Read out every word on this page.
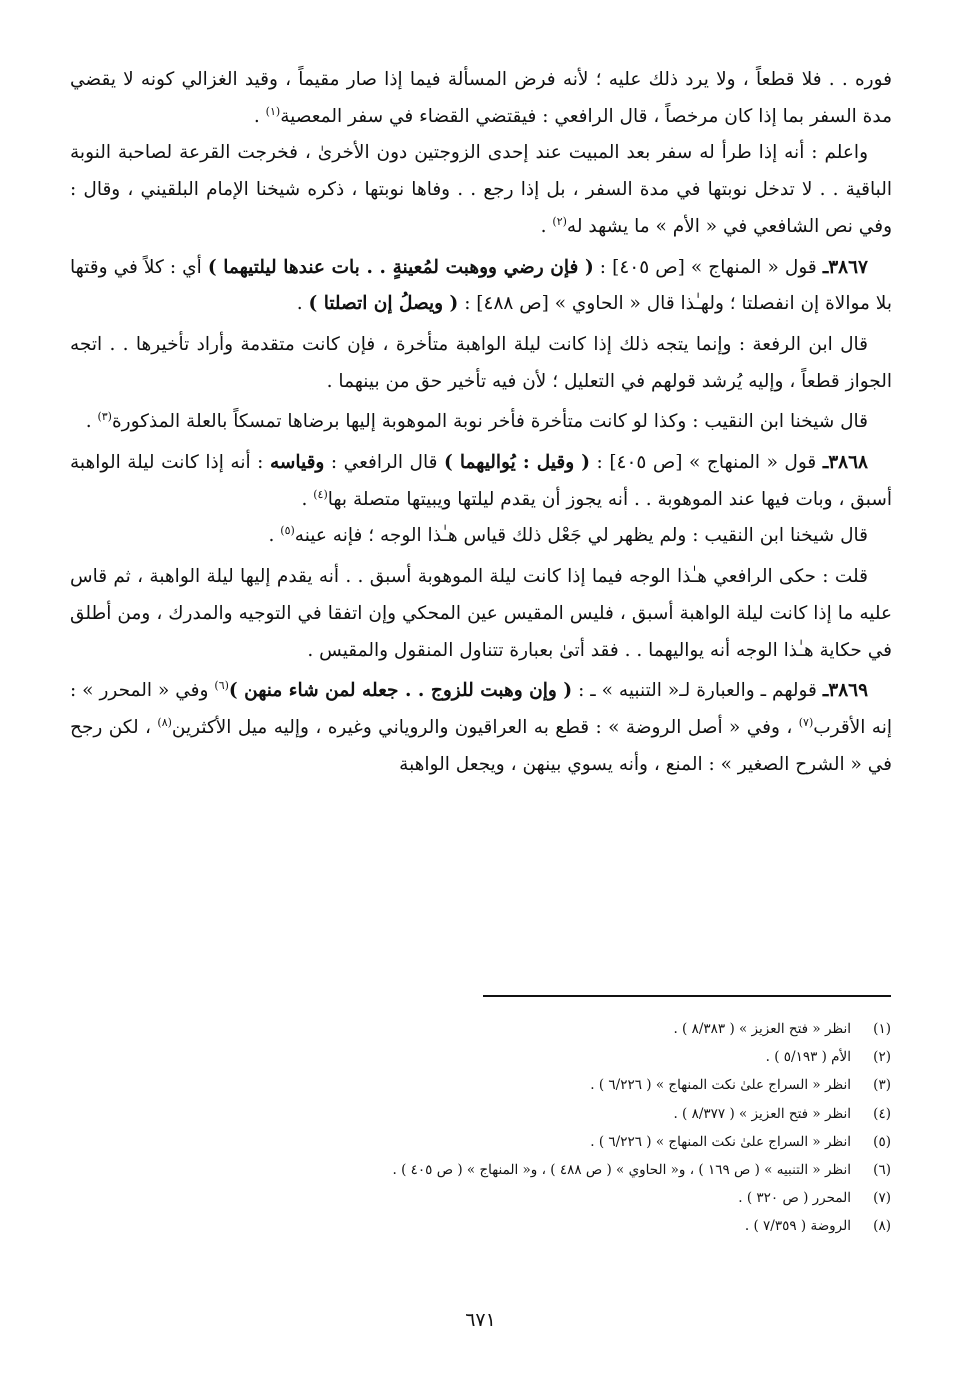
فوره . . فلا قطعاً ، ولا يرد ذلك عليه ؛ لأنه فرض المسألة فيما إذا صار مقيماً ، وقيد الغزالي كونه لا يقضي مدة السفر بما إذا كان مرخصاً ، قال الرافعي : فيقتضي القضاء في سفر المعصية$^{(١)}$ .

واعلم : أنه إذا طرأ له سفر بعد المبيت عند إحدى الزوجتين دون الأخرىٰ ، فخرجت القرعة لصاحبة النوبة الباقية . . لا تدخل نوبتها في مدة السفر ، بل إذا رجع . . وفاها نوبتها ، ذكره شيخنا الإمام البلقيني ، وقال : وفي نص الشافعي في « الأم » ما يشهد له$^{(٢)}$ .

٣٨٦٧ـ قول « المنهاج » [ص ٤٠٥] : ( فإن رضي ووهبت لمُعينةٍ . . بات عندها ليلتيهما ) أي : كلاً في وقتها بلا موالاة إن انفصلتا ؛ ولهـٰذا قال « الحاوي » [ص ٤٨٨] : ( ويصلُ إن اتصلتا ) .

قال ابن الرفعة : وإنما يتجه ذلك إذا كانت ليلة الواهبة متأخرة ، فإن كانت متقدمة وأراد تأخيرها . . اتجه الجواز قطعاً ، وإليه يُرشد قولهم في التعليل ؛ لأن فيه تأخير حق من بينهما .

قال شيخنا ابن النقيب : وكذا لو كانت متأخرة فأخر نوبة الموهوبة إليها برضاها تمسكاً بالعلة المذكورة$^{(٣)}$ .

٣٨٦٨ـ قول « المنهاج » [ص ٤٠٥] : ( وقيل : يُواليهما ) قال الرافعي : وقياسه : أنه إذا كانت ليلة الواهبة أسبق ، وبات فيها عند الموهوبة . . أنه يجوز أن يقدم ليلتها ويبيتها متصلة بها$^{(٤)}$ .

قال شيخنا ابن النقيب : ولم يظهر لي جَعْل ذلك قياس هـٰذا الوجه ؛ فإنه عينه$^{(٥)}$ .

قلت : حكى الرافعي هـٰذا الوجه فيما إذا كانت ليلة الموهوبة أسبق . . أنه يقدم إليها ليلة الواهبة ، ثم قاس عليه ما إذا كانت ليلة الواهبة أسبق ، فليس المقيس عين المحكي وإن اتفقا في التوجيه والمدرك ، ومن أطلق في حكاية هـٰذا الوجه أنه يواليهما . . فقد أتىٰ بعبارة تتناول المنقول والمقيس .

٣٨٦٩ـ قولهم ـ والعبارة لـ« التنبيه » ـ : ( وإن وهبت للزوج . . جعله لمن شاء منهن )$^{(٦)}$ وفي « المحرر » : إنه الأقرب$^{(٧)}$ ، وفي « أصل الروضة » : قطع به العراقيون والروياني وغيره ، وإليه ميل الأكثرين$^{(٨)}$ ، لكن رجح في « الشرح الصغير » : المنع ، وأنه يسوي بينهن ، ويجعل الواهبة

(١)
انظر « فتح العزيز » ( ٨/٣٨٣ ) .
(٢)
الأم ( ٥/١٩٣ ) .
(٣)
انظر « السراج علىٰ نكت المنهاج » ( ٦/٢٢٦ ) .
(٤)
انظر « فتح العزيز » ( ٨/٣٧٧ ) .
(٥)
انظر « السراج علىٰ نكت المنهاج » ( ٦/٢٢٦ ) .
(٦)
انظر « التنبيه » ( ص ١٦٩ ) ، و« الحاوي » ( ص ٤٨٨ ) ، و« المنهاج » ( ص ٤٠٥ ) .
(٧)
المحرر ( ص ٣٢٠ ) .
(٨)
الروضة ( ٧/٣٥٩ ) .
٦٧١
